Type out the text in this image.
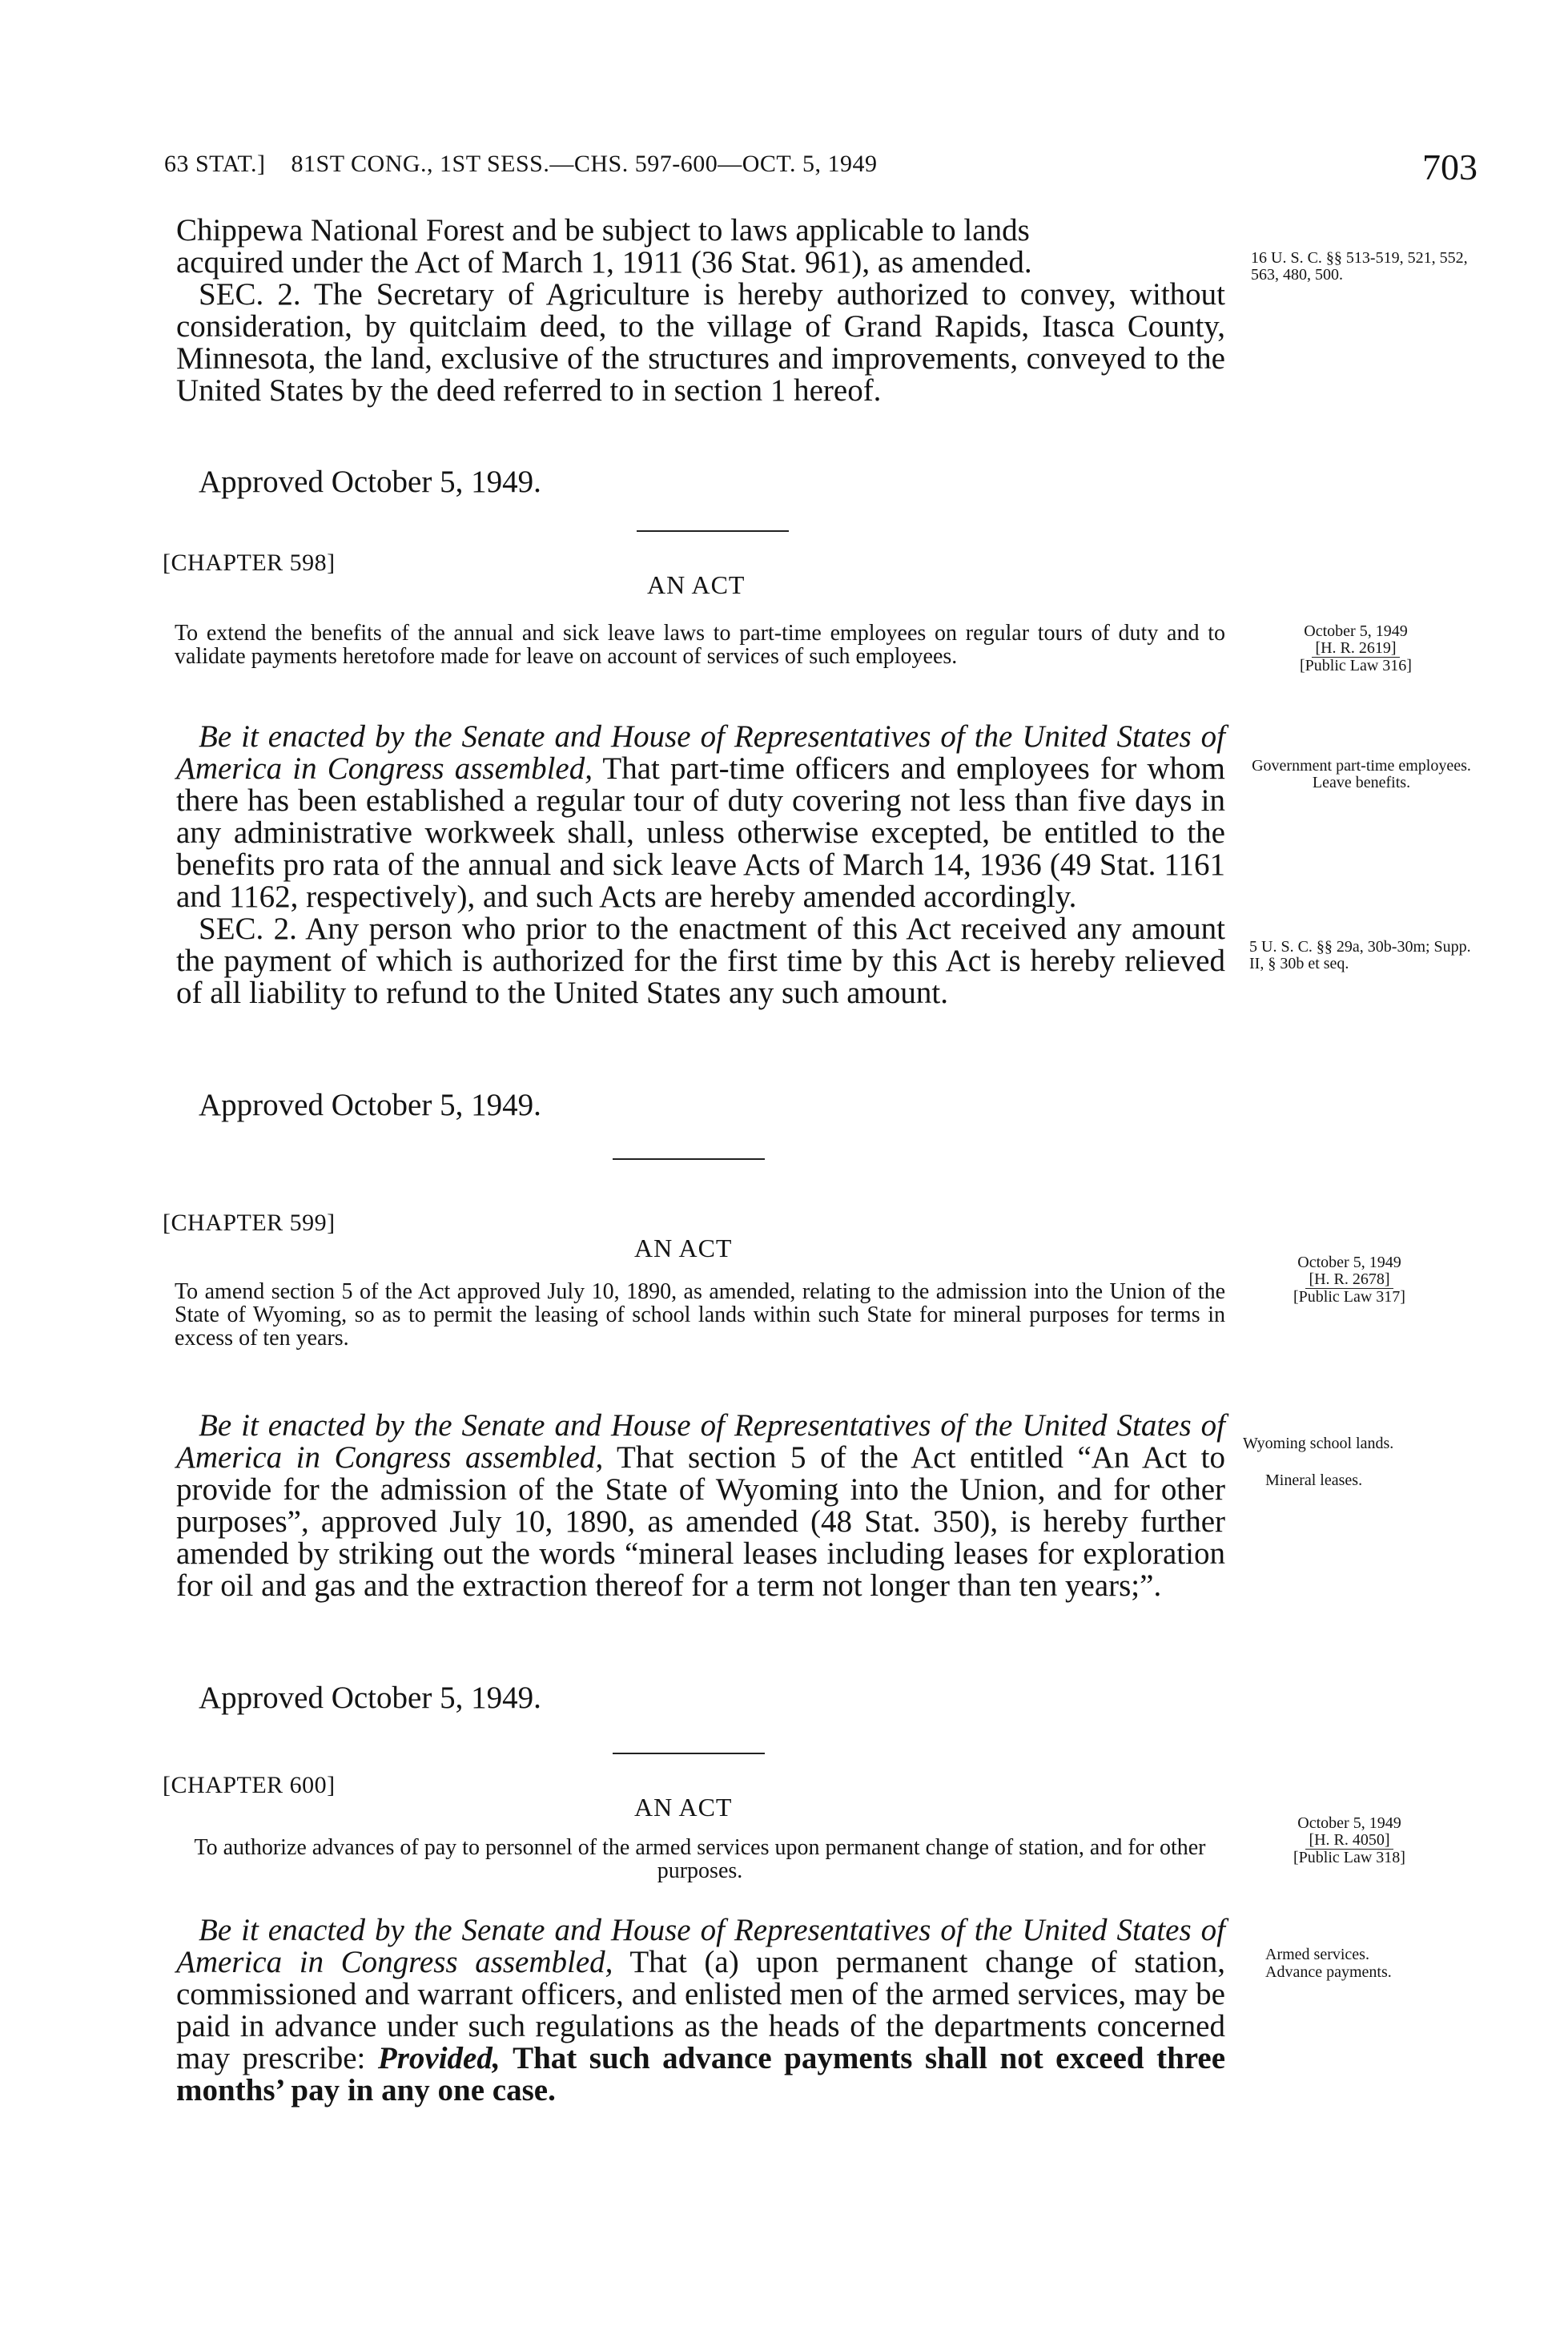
63 STAT.] 81ST CONG., 1ST SESS.—CHS. 597-600—OCT. 5, 1949	703

Chippewa National Forest and be subject to laws applicable to lands

acquired under the Act of March 1, 1911 (36 Stat. 961), as amended.

SEC. 2. The Secretary of Agriculture is hereby authorized to convey, without consideration, by quitclaim deed, to the village of Grand Rapids, Itasca County, Minnesota, the land, exclusive of the structures and improvements, conveyed to the United States by the deed referred to in section 1 hereof.

16 U. S. C. §§ 513-519, 521, 552, 563, 480, 500.
Approved October 5, 1949.
[CHAPTER 598]
AN ACT
To extend the benefits of the annual and sick leave laws to part-time employees on regular tours of duty and to validate payments heretofore made for leave on account of services of such employees.
October 5, 1949
[H. R. 2619]
[Public Law 316]

Be it enacted by the Senate and House of Representatives of the United States of America in Congress assembled, That part-time officers and employees for whom there has been established a regular tour of duty covering not less than five days in any administrative workweek shall, unless otherwise excepted, be entitled to the benefits pro rata of the annual and sick leave Acts of March 14, 1936 (49 Stat. 1161 and 1162, respectively), and such Acts are hereby amended accordingly.

SEC. 2. Any person who prior to the enactment of this Act received any amount the payment of which is authorized for the first time by this Act is hereby relieved of all liability to refund to the United States any such amount.

Government part-time employees. Leave benefits.
5 U. S. C. §§ 29a, 30b-30m; Supp. II, § 30b et seq.
Approved October 5, 1949.
[CHAPTER 599]
AN ACT
To amend section 5 of the Act approved July 10, 1890, as amended, relating to the admission into the Union of the State of Wyoming, so as to permit the leasing of school lands within such State for mineral purposes for terms in excess of ten years.
October 5, 1949
[H. R. 2678]
[Public Law 317]

Be it enacted by the Senate and House of Representatives of the United States of America in Congress assembled, That section 5 of the Act entitled “An Act to provide for the admission of the State of Wyoming into the Union, and for other purposes”, approved July 10, 1890, as amended (48 Stat. 350), is hereby further amended by striking out the words “mineral leases including leases for exploration for oil and gas and the extraction thereof for a term not longer than ten years;”.

Wyoming school lands.
Mineral leases.
Approved October 5, 1949.
[CHAPTER 600]
AN ACT
To authorize advances of pay to personnel of the armed services upon permanent change of station, and for other purposes.
October 5, 1949
[H. R. 4050]
[Public Law 318]

Be it enacted by the Senate and House of Representatives of the United States of America in Congress assembled, That (a) upon permanent change of station, commissioned and warrant officers, and enlisted men of the armed services, may be paid in advance under such regulations as the heads of the departments concerned may prescribe: Provided, That such advance payments shall not exceed three months’ pay in any one case.

Armed services.
Advance payments.
